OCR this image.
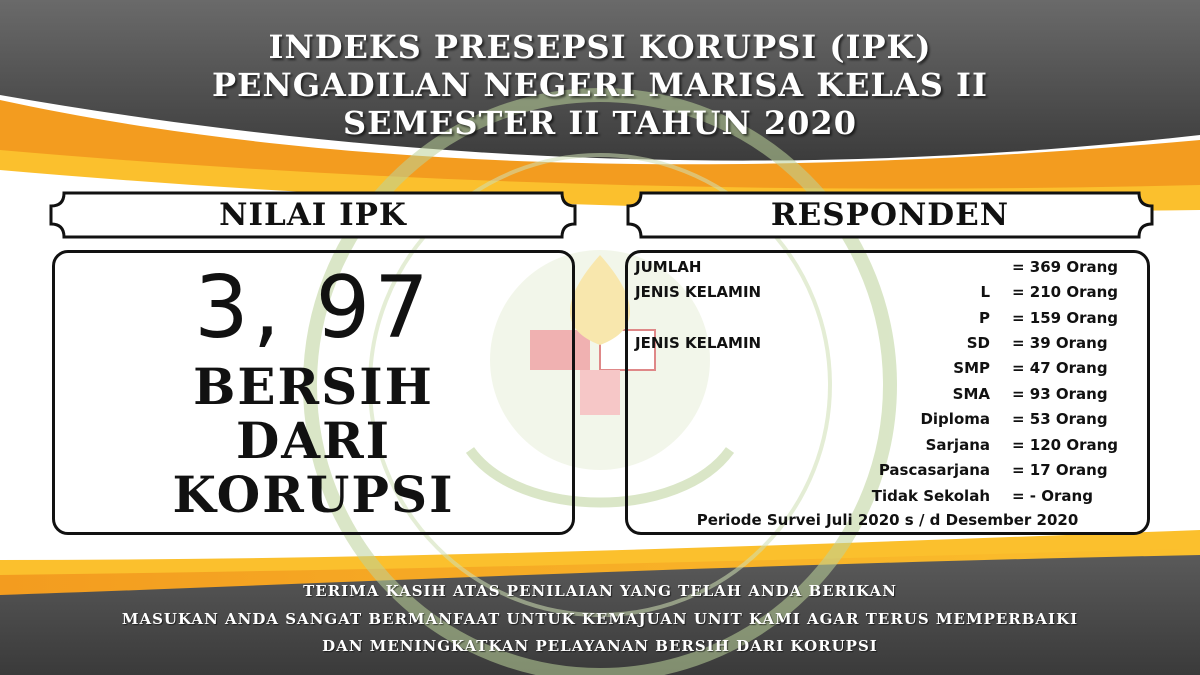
INDEKS PRESEPSI KORUPSI (IPK)
PENGADILAN NEGERI MARISA KELAS II
SEMESTER II TAHUN 2020
NILAI IPK	RESPONDEN
3, 97
BERSIH
DARI
KORUPSI
JUMLAH	= 369 Orang
JENIS KELAMIN	L = 210 Orang
P = 159 Orang
JENIS KELAMIN	SD = 39 Orang
SMP = 47 Orang
SMA = 93 Orang
Diploma = 53 Orang
Sarjana = 120 Orang
Pascasarjana = 17 Orang
Tidak Sekolah = - Orang
Periode Survei Juli 2020 s / d Desember 2020
TERIMA KASIH ATAS PENILAIAN YANG TELAH ANDA BERIKAN
MASUKAN ANDA SANGAT BERMANFAAT UNTUK KEMAJUAN UNIT KAMI AGAR TERUS MEMPERBAIKI
DAN MENINGKATKAN PELAYANAN BERSIH DARI KORUPSI
